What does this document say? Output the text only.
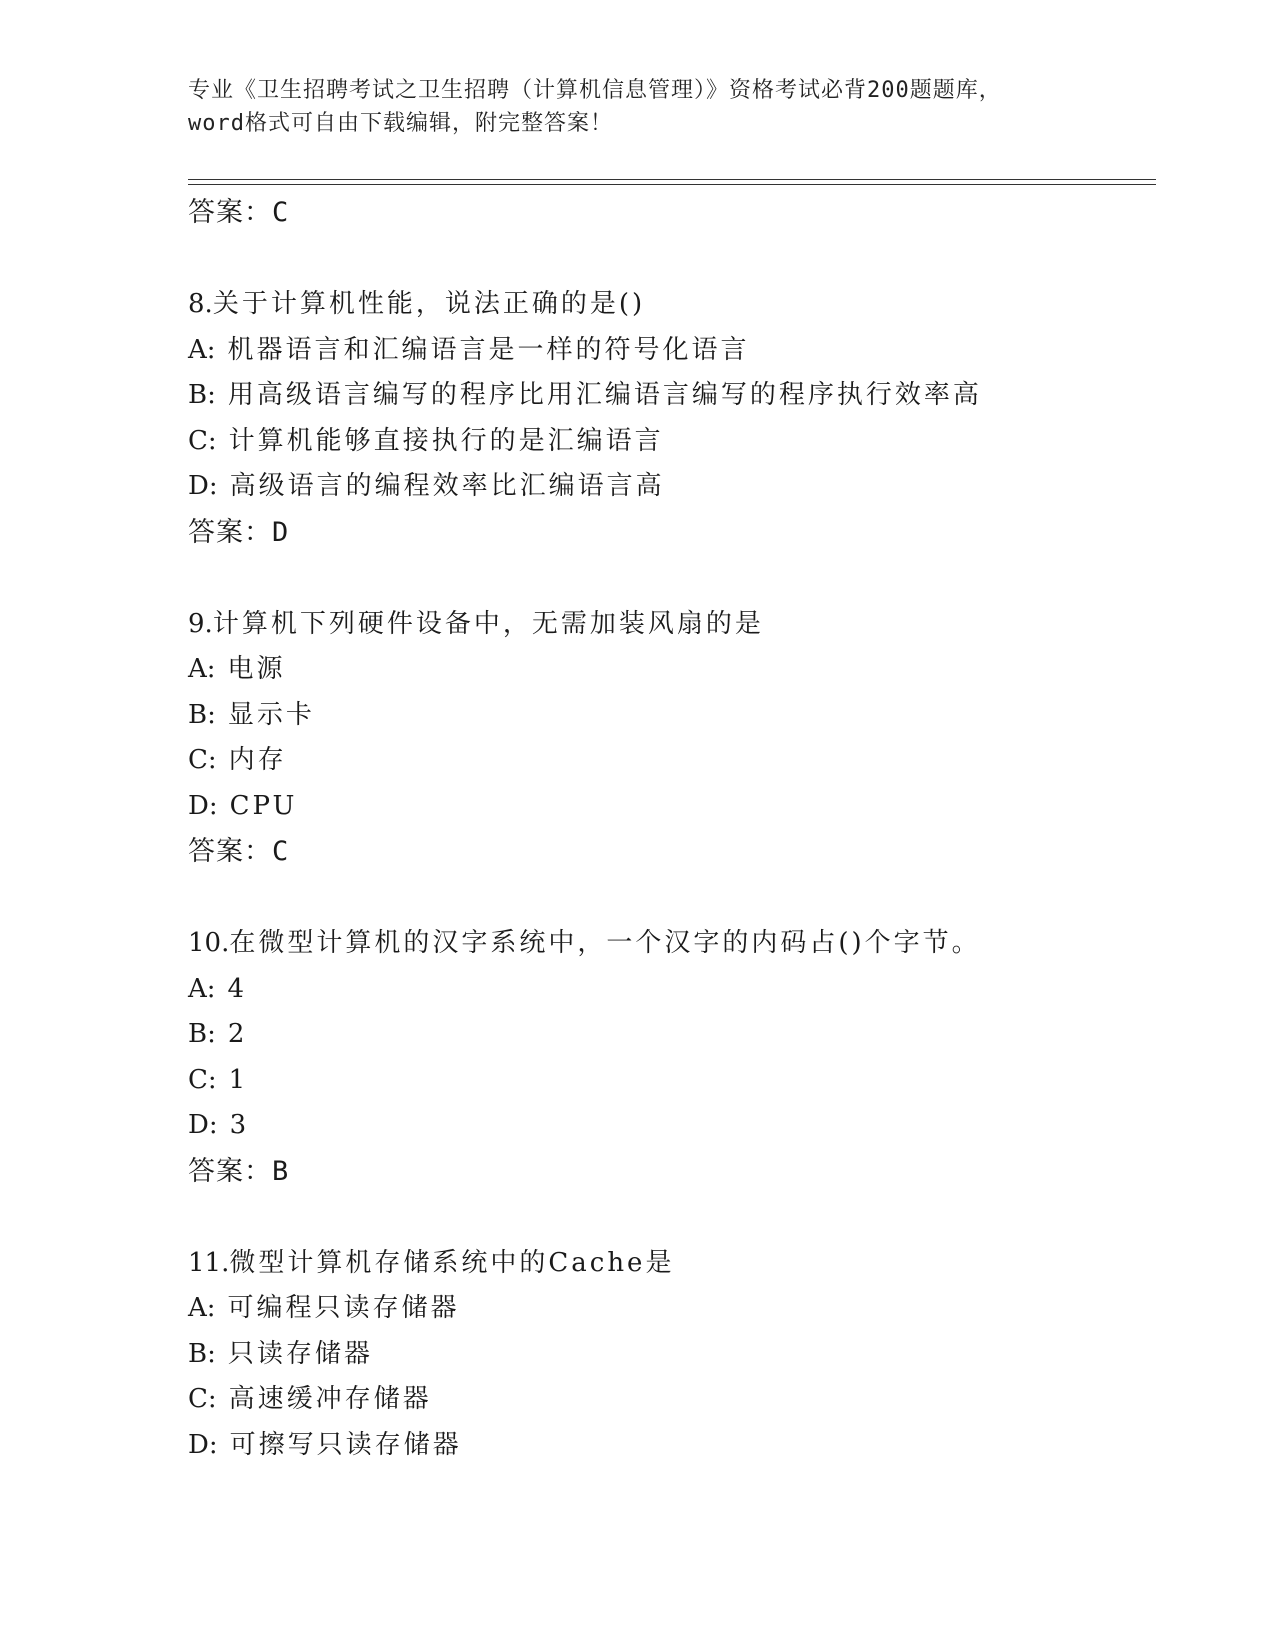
专业《卫生招聘考试之卫生招聘（计算机信息管理）》资格考试必背200题题库，
word格式可自由下载编辑，附完整答案！
答案：C
8.关于计算机性能，说法正确的是()
A: 机器语言和汇编语言是一样的符号化语言
B: 用高级语言编写的程序比用汇编语言编写的程序执行效率高
C: 计算机能够直接执行的是汇编语言
D: 高级语言的编程效率比汇编语言高
答案：D
9.计算机下列硬件设备中，无需加装风扇的是
A: 电源
B: 显示卡
C: 内存
D: CPU
答案：C
10.在微型计算机的汉字系统中，一个汉字的内码占()个字节。
A: 4
B: 2
C: 1
D: 3
答案：B
11.微型计算机存储系统中的Cache是
A: 可编程只读存储器
B: 只读存储器
C: 高速缓冲存储器
D: 可擦写只读存储器
